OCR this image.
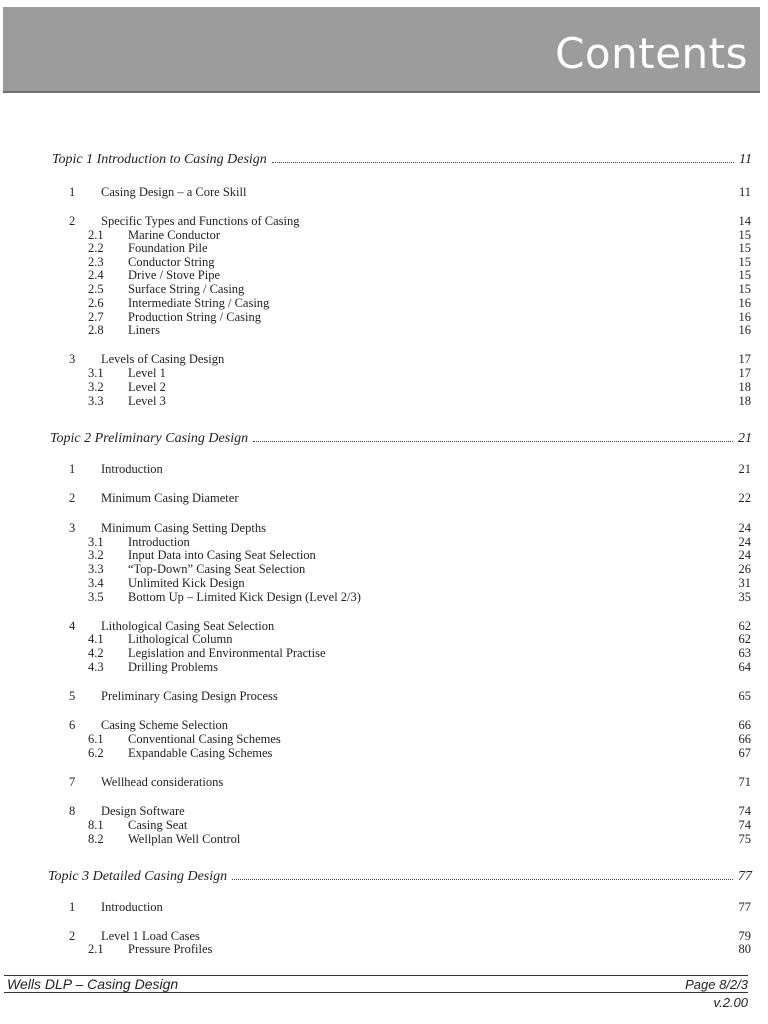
Contents
Topic 1 Introduction to Casing Design	11
1 Casing Design – a Core Skill	11
2 Specific Types and Functions of Casing	14
2.1 Marine Conductor	15
2.2 Foundation Pile	15
2.3 Conductor String	15
2.4 Drive / Stove Pipe	15
2.5 Surface String / Casing	15
2.6 Intermediate String / Casing	16
2.7 Production String / Casing	16
2.8 Liners	16
3 Levels of Casing Design	17
3.1 Level 1	17
3.2 Level 2	18
3.3 Level 3	18
Topic 2 Preliminary Casing Design	21
1 Introduction	21
2 Minimum Casing Diameter	22
3 Minimum Casing Setting Depths	24
3.1 Introduction	24
3.2 Input Data into Casing Seat Selection	24
3.3 “Top-Down” Casing Seat Selection	26
3.4 Unlimited Kick Design	31
3.5 Bottom Up – Limited Kick Design (Level 2/3)	35
4 Lithological Casing Seat Selection	62
4.1 Lithological Column	62
4.2 Legislation and Environmental Practise	63
4.3 Drilling Problems	64
5 Preliminary Casing Design Process	65
6 Casing Scheme Selection	66
6.1 Conventional Casing Schemes	66
6.2 Expandable Casing Schemes	67
7 Wellhead considerations	71
8 Design Software	74
8.1 Casing Seat	74
8.2 Wellplan Well Control	75
Topic 3 Detailed Casing Design	77
1 Introduction	77
2 Level 1 Load Cases	79
2.1 Pressure Profiles	80
Wells DLP – Casing Design	Page 8/2/3
v.2.00
